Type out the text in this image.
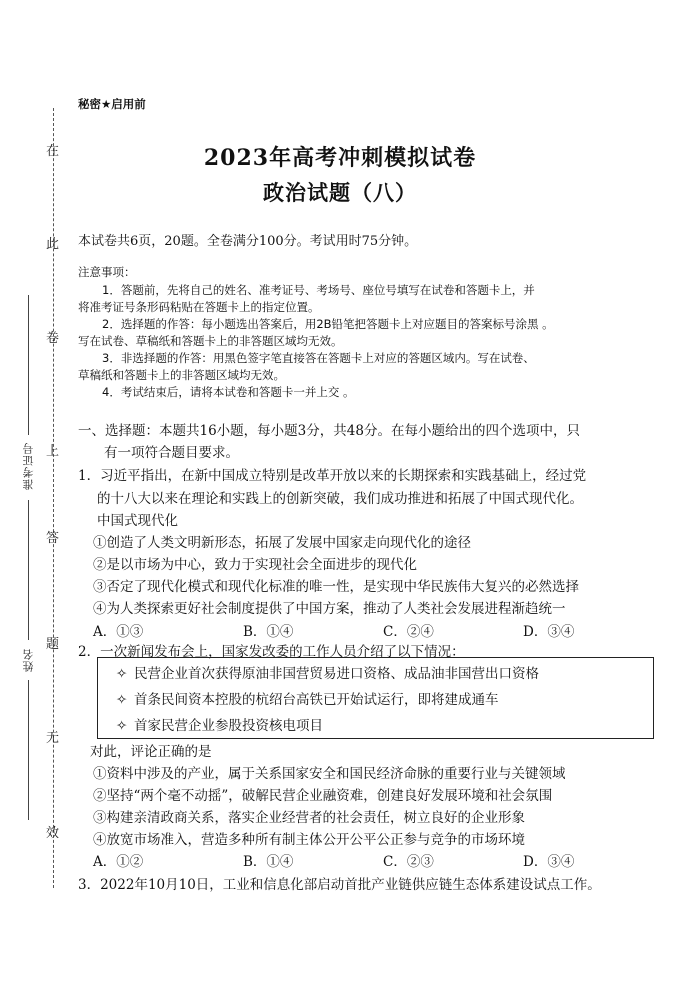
在
此
卷
上
答
题
无
效
准考证号
姓名
秘密★启用前
2023年高考冲刺模拟试卷
政治试题（八）
本试卷共6页，20题。全卷满分100分。考试用时75分钟。
注意事项：
1．答题前，先将自己的姓名、准考证号、考场号、座位号填写在试卷和答题卡上，并
将准考证号条形码粘贴在答题卡上的指定位置。
2．选择题的作答：每小题选出答案后，用2B铅笔把答题卡上对应题目的答案标号涂黑 。
写在试卷、草稿纸和答题卡上的非答题区域均无效。
3．非选择题的作答：用黑色签字笔直接答在答题卡上对应的答题区域内。写在试卷、
草稿纸和答题卡上的非答题区域均无效。
4．考试结束后，请将本试卷和答题卡一并上交 。
一、选择题：本题共16小题，每小题3分，共48分。在每小题给出的四个选项中，只
有一项符合题目要求。
1．习近平指出，在新中国成立特别是改革开放以来的长期探索和实践基础上，经过党
的十八大以来在理论和实践上的创新突破，我们成功推进和拓展了中国式现代化。
中国式现代化
①创造了人类文明新形态，拓展了发展中国家走向现代化的途径
②是以市场为中心，致力于实现社会全面进步的现代化
③否定了现代化模式和现代化标准的唯一性，是实现中华民族伟大复兴的必然选择
④为人类探索更好社会制度提供了中国方案，推动了人类社会发展进程渐趋统一
A．①③	B．①④	C．②④	D．③④
2．一次新闻发布会上，国家发改委的工作人员介绍了以下情况：
✧ 民营企业首次获得原油非国营贸易进口资格、成品油非国营出口资格
✧ 首条民间资本控股的杭绍台高铁已开始试运行，即将建成通车
✧ 首家民营企业参股投资核电项目
对此，评论正确的是
①资料中涉及的产业，属于关系国家安全和国民经济命脉的重要行业与关键领域
②坚持“两个毫不动摇”，破解民营企业融资难，创建良好发展环境和社会氛围
③构建亲清政商关系，落实企业经营者的社会责任，树立良好的企业形象
④放宽市场准入，营造多种所有制主体公开公平公正参与竞争的市场环境
A．①②	B．①④	C．②③	D．③④
3．2022年10月10日，工业和信息化部启动首批产业链供应链生态体系建设试点工作。
